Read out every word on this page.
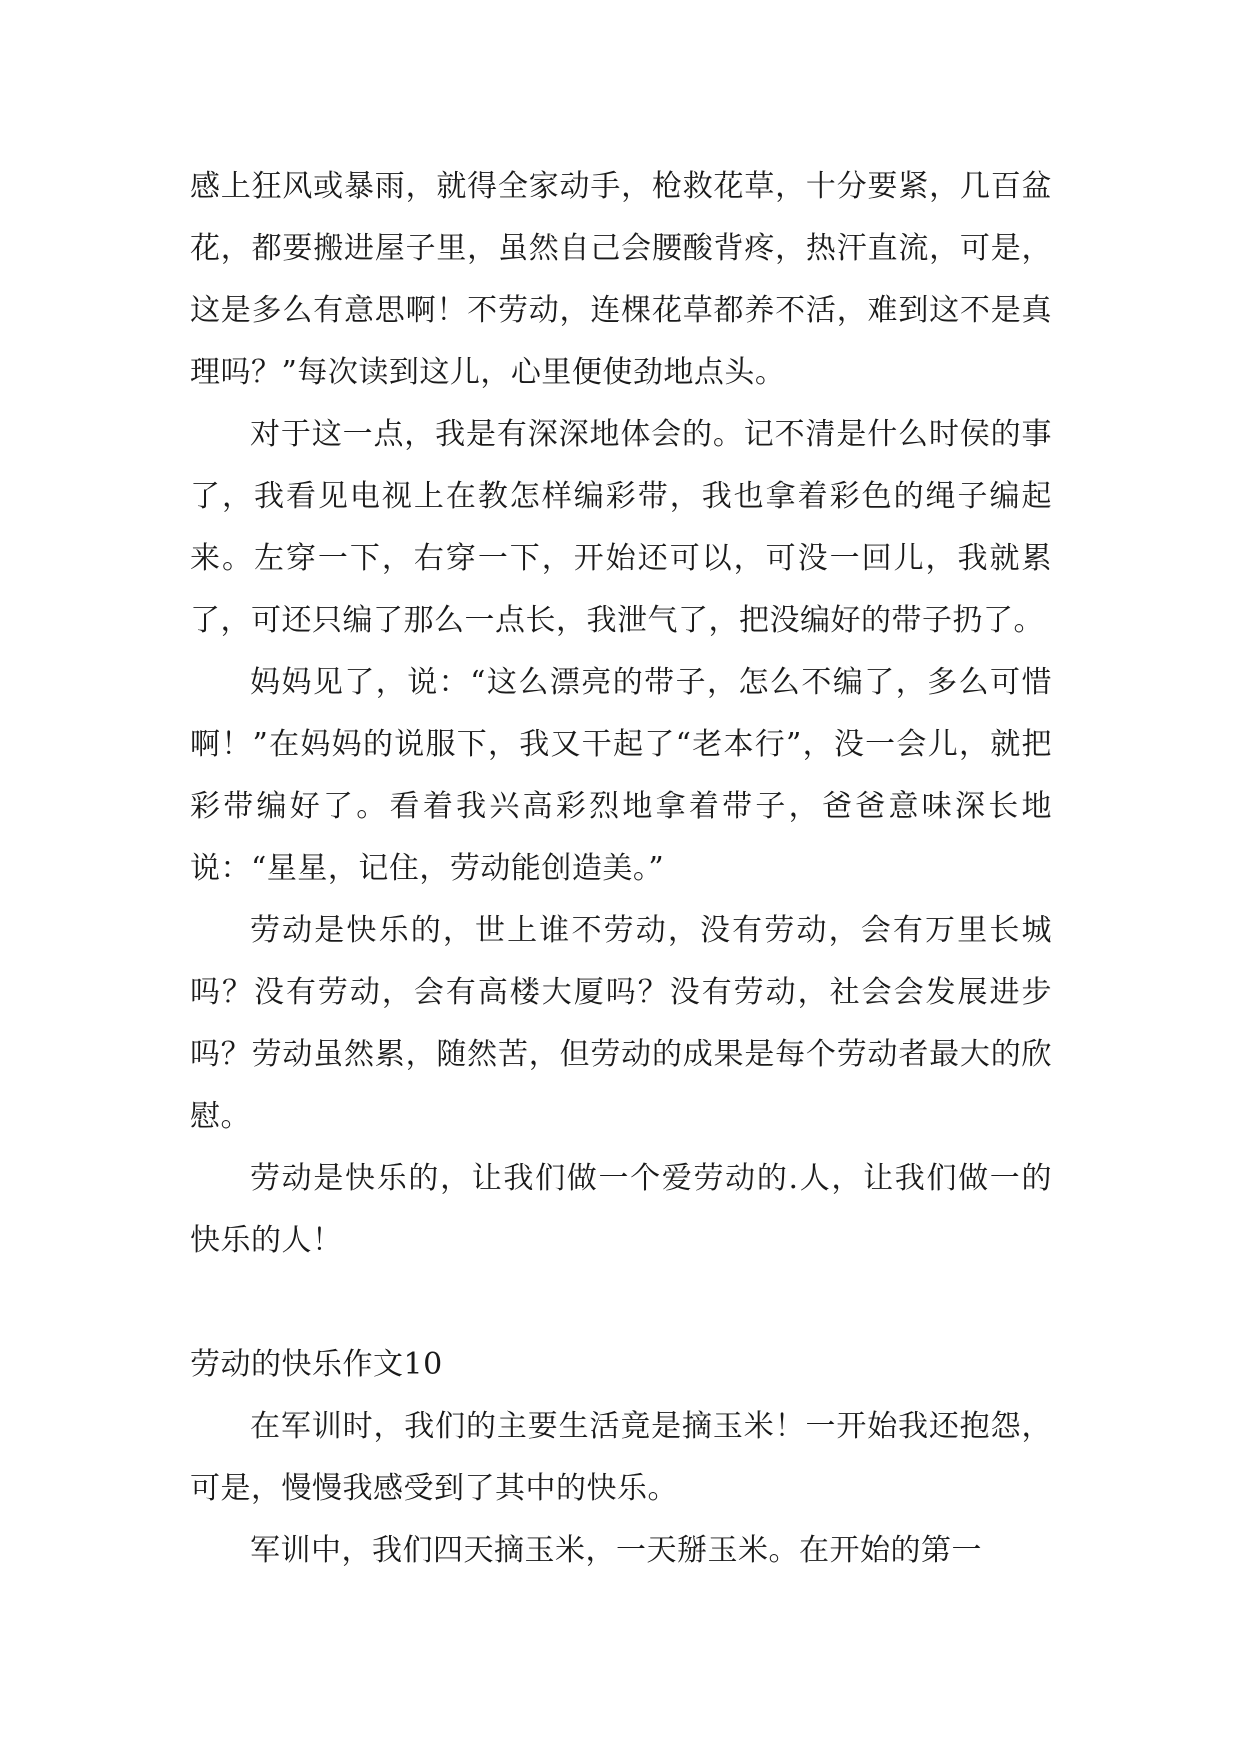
感上狂风或暴雨，就得全家动手，枪救花草，十分要紧，几百盆花，都要搬进屋子里，虽然自己会腰酸背疼，热汗直流，可是，这是多么有意思啊！不劳动，连棵花草都养不活，难到这不是真理吗？”每次读到这儿，心里便使劲地点头。

对于这一点，我是有深深地体会的。记不清是什么时侯的事了，我看见电视上在教怎样编彩带，我也拿着彩色的绳子编起来。左穿一下，右穿一下，开始还可以，可没一回儿，我就累了，可还只编了那么一点长，我泄气了，把没编好的带子扔了。

妈妈见了，说：“这么漂亮的带子，怎么不编了，多么可惜啊！”在妈妈的说服下，我又干起了“老本行”，没一会儿，就把彩带编好了。看着我兴高彩烈地拿着带子，爸爸意味深长地说：“星星，记住，劳动能创造美。”

劳动是快乐的，世上谁不劳动，没有劳动，会有万里长城吗？没有劳动，会有高楼大厦吗？没有劳动，社会会发展进步吗？劳动虽然累，随然苦，但劳动的成果是每个劳动者最大的欣慰。

劳动是快乐的，让我们做一个爱劳动的.人，让我们做一的快乐的人！

劳动的快乐作文10

在军训时，我们的主要生活竟是摘玉米！一开始我还抱怨，可是，慢慢我感受到了其中的快乐。

军训中，我们四天摘玉米，一天掰玉米。在开始的第一
